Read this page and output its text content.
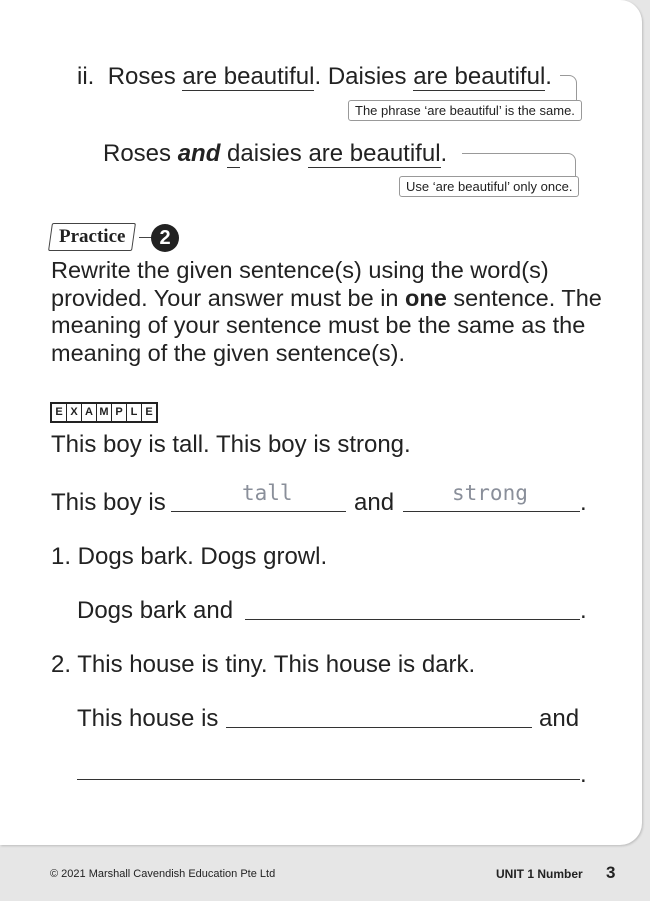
ii. Roses are beautiful. Daisies are beautiful.
The phrase ‘are beautiful’ is the same.
Roses and daisies are beautiful.
Use ‘are beautiful’ only once.
Practice	2
Rewrite the given sentence(s) using the word(s) provided. Your answer must be in one sentence. The meaning of your sentence must be the same as the meaning of the given sentence(s).
E X A M P L E
This boy is tall. This boy is strong.
This boy is	tall	and	strong .
1. Dogs bark. Dogs growl.
Dogs bark and	.
2. This house is tiny. This house is dark.
This house is	and
.
© 2021 Marshall Cavendish Education Pte Ltd	UNIT 1 Number 3
